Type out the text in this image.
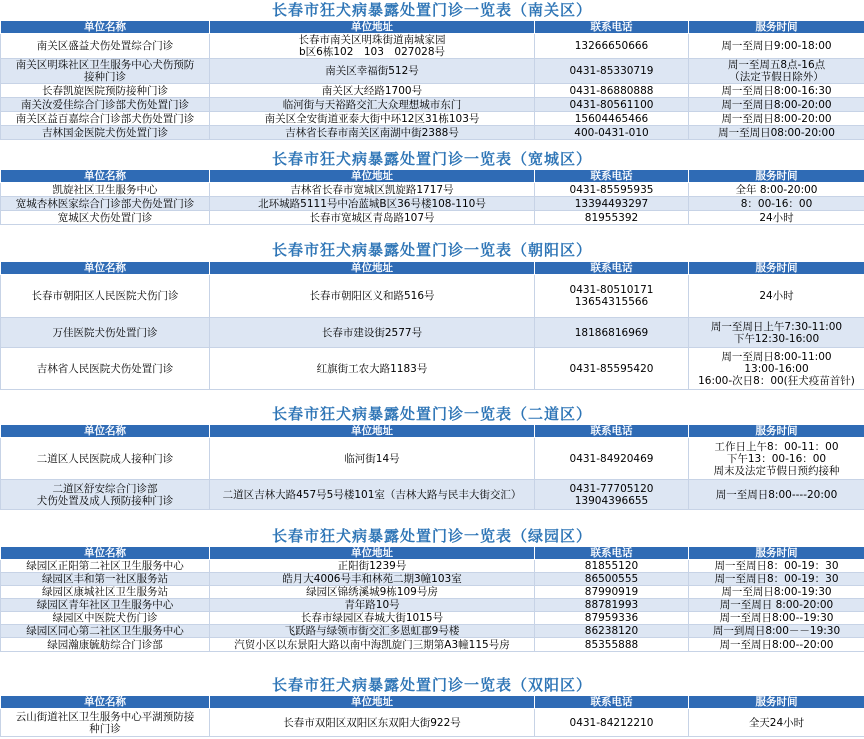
长春市狂犬病暴露处置门诊一览表（南关区）
单位名称	单位地址	联系电话	服务时间

南关区盛益犬伤处置综合门诊	长春市南关区明珠街道南城家园
b区6栋102　103　027028号	13266650666	周一至周日9:00-18:00

南关区明珠社区卫生服务中心犬伤预防
接种门诊	南关区幸福街512号	0431-85330719	周一至周五8点-16点
（法定节假日除外）

长春凯旋医院预防接种门诊	南关区大经路1700号	0431-86880888	周一至周日8:00-16:30

南关汝爱佳综合门诊部犬伤处置门诊	临河街与天裕路交汇大众理想城市东门	0431-80561100	周一至周日8:00-20:00

南关区益百嘉综合门诊部犬伤处置门诊	南关区全安街道亚泰大街中环12区31栋103号	15604465466	周一至周日8:00-20:00

吉林国金医院犬伤处置门诊	吉林省长春市南关区南湖中街2388号	400-0431-010	周一至周日08:00-20:00
长春市狂犬病暴露处置门诊一览表（宽城区）
单位名称	单位地址	联系电话	服务时间

凯旋社区卫生服务中心	吉林省长春市宽城区凯旋路1717号	0431-85595935	全年 8:00-20:00

宽城杏林医家综合门诊部犬伤处置门诊	北环城路5111号中冶蓝城B区36号楼108-110号	13394493297	8：00-16：00

宽城区犬伤处置门诊	长春市宽城区青岛路107号	81955392	24小时
长春市狂犬病暴露处置门诊一览表（朝阳区）
单位名称	单位地址	联系电话	服务时间

长春市朝阳区人民医院犬伤门诊	长春市朝阳区义和路516号	0431-80510171
13654315566	24小时

万佳医院犬伤处置门诊	长春市建设街2577号	18186816969	周一至周日上午7:30-11:00
下午12:30-16:00

吉林省人民医院犬伤处置门诊	红旗街工农大路1183号	0431-85595420	周一至周日8:00-11:00
13:00-16:00
16:00-次日8：00(狂犬疫苗首针)
长春市狂犬病暴露处置门诊一览表（二道区）
单位名称	单位地址	联系电话	服务时间

二道区人民医院成人接种门诊	临河街14号	0431-84920469	工作日上午8：00-11：00
下午13：00-16：00
周末及法定节假日预约接种

二道区舒安综合门诊部
犬伤处置及成人预防接种门诊	二道区吉林大路457号5号楼101室（吉林大路与民丰大街交汇）	0431-77705120
13904396655	周一至周日8:00----20:00
长春市狂犬病暴露处置门诊一览表（绿园区）
单位名称	单位地址	联系电话	服务时间

绿园区正阳第二社区卫生服务中心	正阳街1239号	81855120	周一至周日8：00-19：30

绿园区丰和第一社区服务站	皓月大4006号丰和林苑二期3幢103室	86500555	周一至周日8：00-19：30

绿园区康城社区卫生服务站	绿园区锦绣溪城9栋109号房	87990919	周一至周日8:00-19:30

绿园区青年社区卫生服务中心	青年路10号	88781993	周一至周日 8:00-20:00

绿园区中医院犬伤门诊	长春市绿园区春城大街1015号	87959336	周一至周日8:00--19:30

绿园区同心第二社区卫生服务中心	飞跃路与绿领市街交汇多恩虹郡9号楼	86238120	周一到周日8:00－－19:30

绿园瀚康毓舫综合门诊部	汽贸小区以东景阳大路以南中海凯旋门三期第A3幢115号房	85355888	周一至周日8:00--20:00
长春市狂犬病暴露处置门诊一览表（双阳区）
单位名称	单位地址	联系电话	服务时间

云山街道社区卫生服务中心平湖预防接
种门诊	长春市双阳区双阳区东双阳大街922号	0431-84212210	全天24小时
